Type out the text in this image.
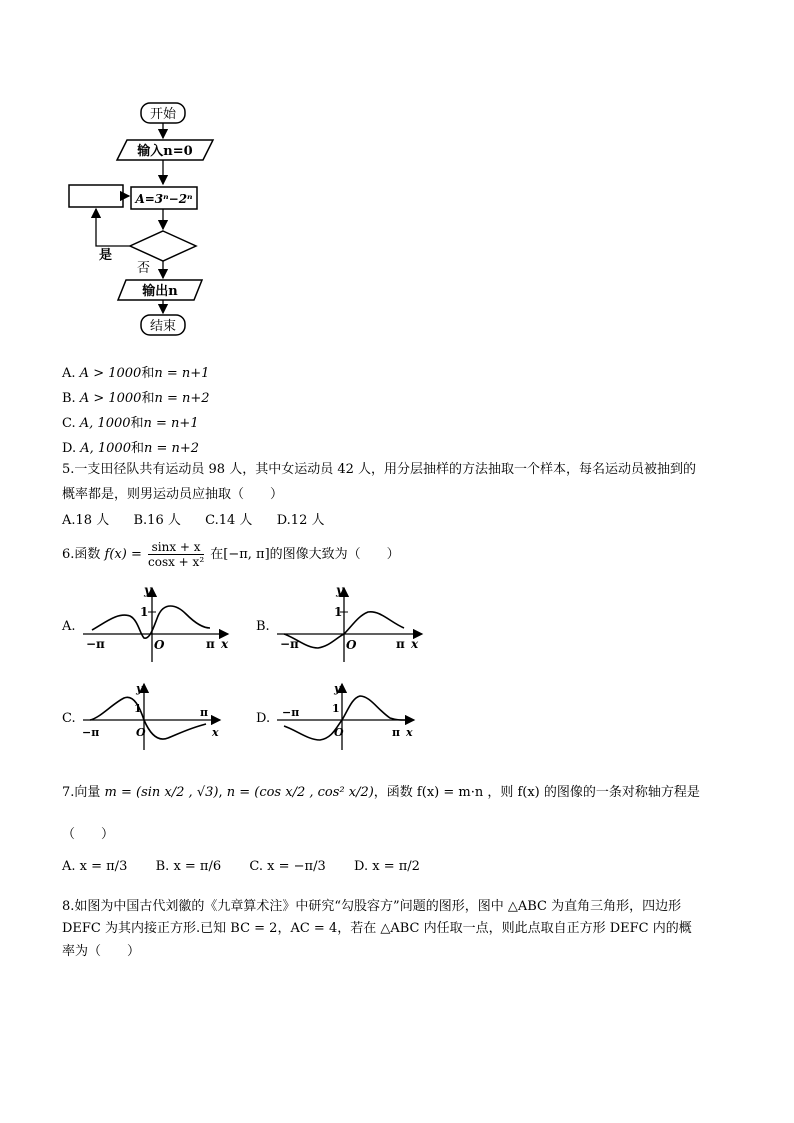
开始
输入n=0
A=3ⁿ−2ⁿ
是
否
输出n
结束
A. A > 1000和n = n+1
B. A > 1000和n = n+2
C. A, 1000和n = n+1
D. A, 1000和n = n+2
5.一支田径队共有运动员 98 人，其中女运动员 42 人，用分层抽样的方法抽取一个样本，每名运动员被抽到的
概率都是，则男运动员应抽取（　　）
A.18 人 B.16 人 C.14 人 D.12 人
6.函数 $f(x) = \frac{\sin x + x}{\text{cosx + x²}}$ 在[−π, π]的图像大致为（　　）
A.
y
1
O
−π	π x
B.
y
1
O
−π	π x
C.
y
1
O
−π
π
x
D.
y
1
O
−π
π x
7.向量 m = (sin x/2 , √3), n = (cos x/2 , cos² x/2)，函数 f(x) = m·n ，则 f(x) 的图像的一条对称轴方程是
（　　）
A. x = π/3 B. x = π/6 C. x = −π/3 D. x = π/2
8.如图为中国古代刘徽的《九章算术注》中研究“勾股容方”问题的图形，图中 △ABC 为直角三角形，四边形
DEFC 为其内接正方形.已知 BC = 2，AC = 4，若在 △ABC 内任取一点，则此点取自正方形 DEFC 内的概
率为（　　）
